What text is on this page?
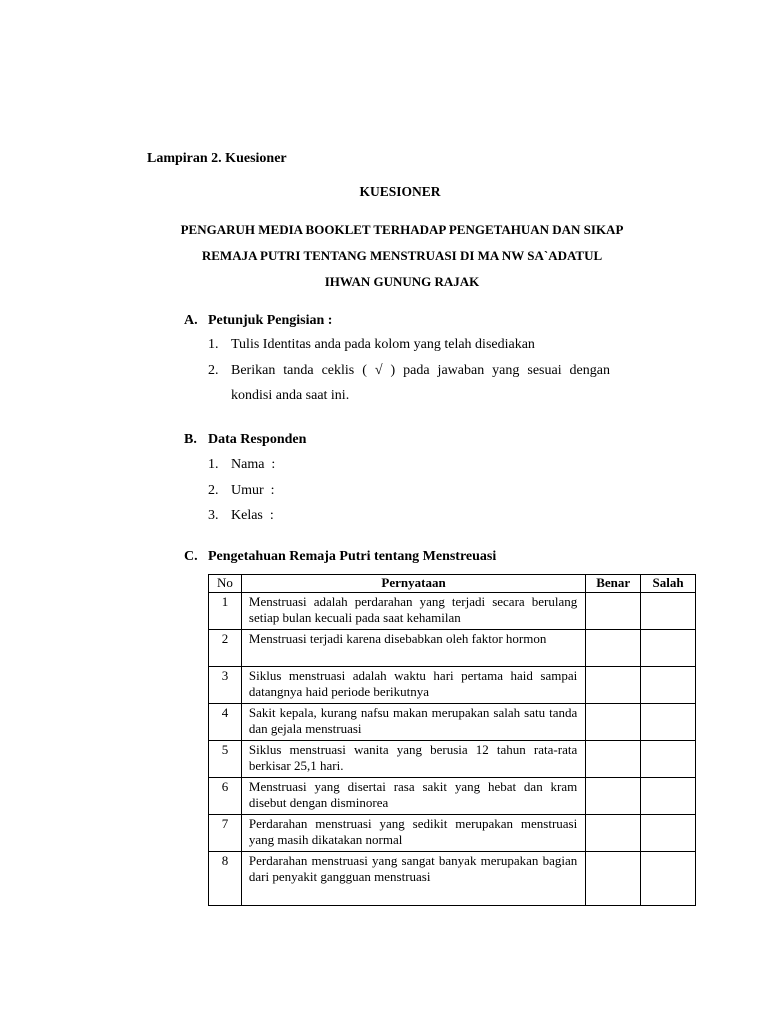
Lampiran 2. Kuesioner
KUESIONER
PENGARUH MEDIA BOOKLET TERHADAP PENGETAHUAN DAN SIKAP
REMAJA PUTRI TENTANG MENSTRUASI DI MA NW SA`ADATUL
IHWAN GUNUNG RAJAK
A. Petunjuk Pengisian :
1. Tulis Identitas anda pada kolom yang telah disediakan
2. Berikan tanda ceklis ( √ ) pada jawaban yang sesuai dengan
kondisi anda saat ini.
B. Data Responden
1. Nama  :
2. Umur  :
3. Kelas  :
C. Pengetahuan Remaja Putri tentang Menstreuasi
No	Pernyataan	Benar	Salah
1	Menstruasi adalah perdarahan yang terjadi secara berulang setiap bulan kecuali pada saat kehamilan		
2	Menstruasi terjadi karena disebabkan oleh faktor hormon		
3	Siklus menstruasi adalah waktu hari pertama haid sampai datangnya haid periode berikutnya		
4	Sakit kepala, kurang nafsu makan merupakan salah satu tanda dan gejala menstruasi		
5	Siklus menstruasi wanita yang berusia 12 tahun rata-rata berkisar 25,1 hari.		
6	Menstruasi yang disertai rasa sakit yang hebat dan kram disebut dengan disminorea		
7	Perdarahan menstruasi yang sedikit merupakan menstruasi yang masih dikatakan normal		
8	Perdarahan menstruasi yang sangat banyak merupakan bagian dari penyakit gangguan menstruasi		
